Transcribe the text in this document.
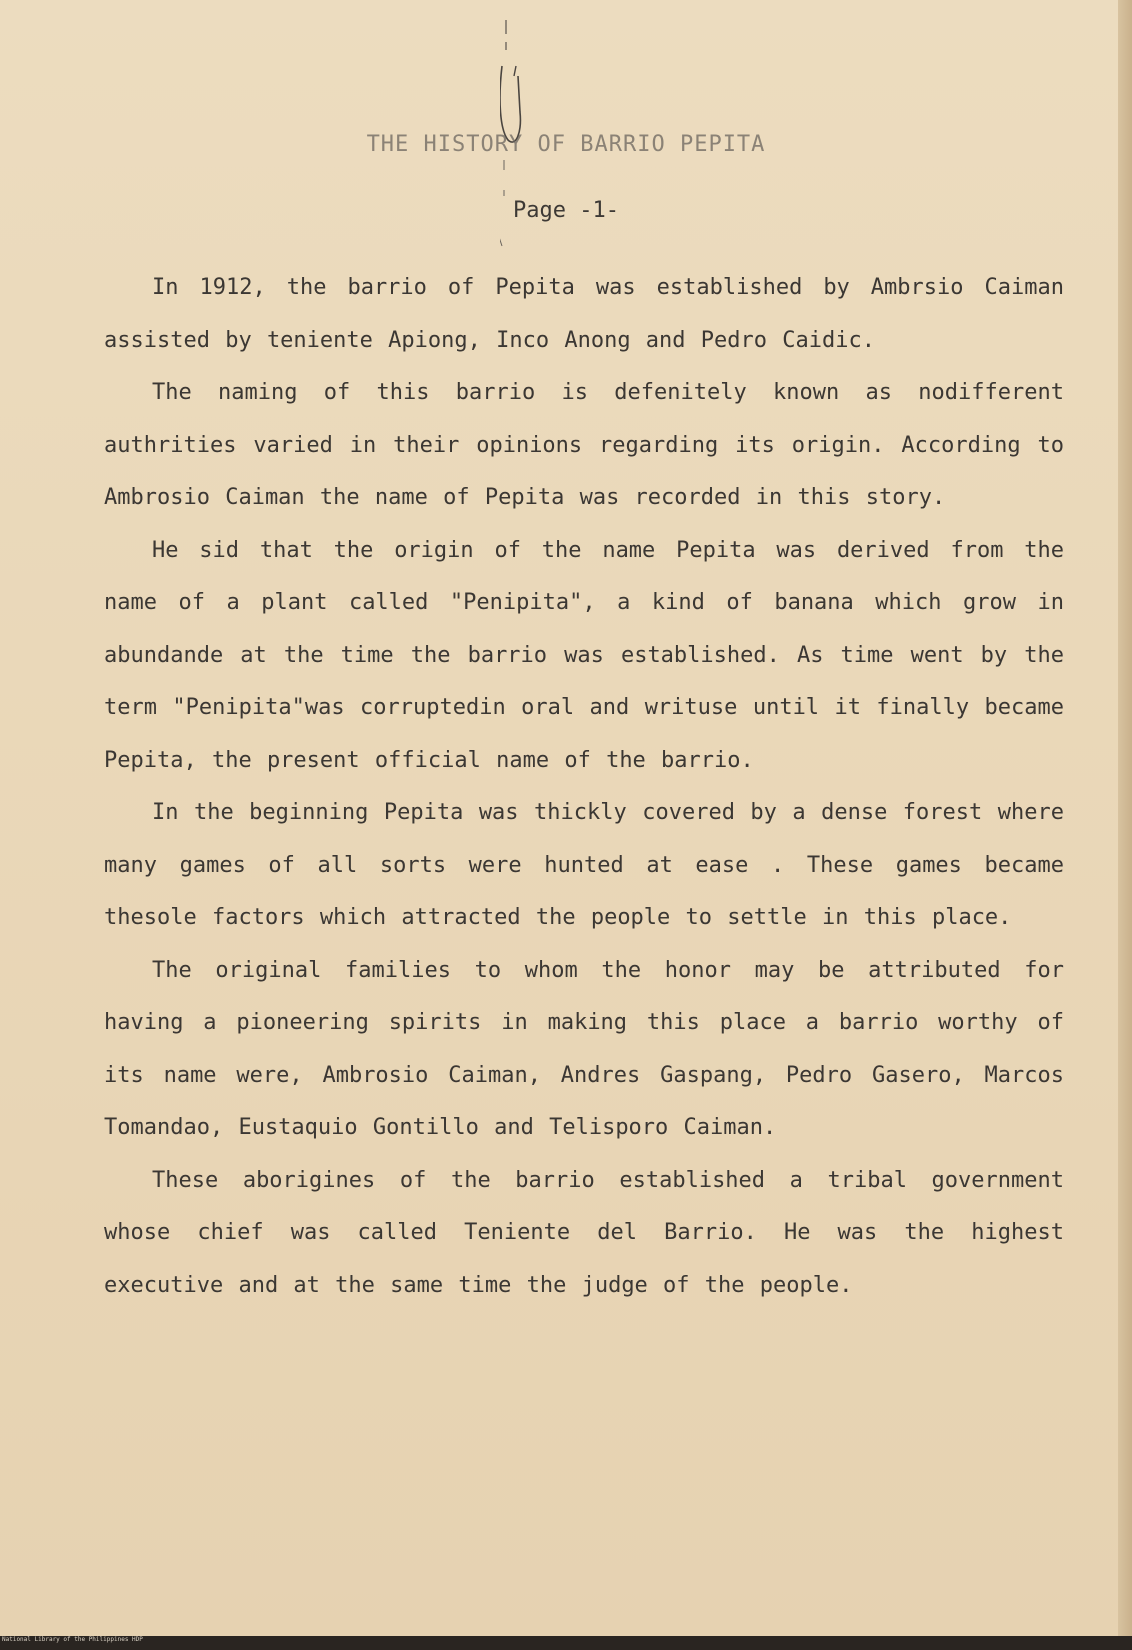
THE HISTORY OF BARRIO PEPITA
Page -1-

In 1912, the barrio of Pepita was established by Ambrsio Caiman assisted by teniente Apiong, Inco Anong and Pedro Caidic.

The naming of this barrio is defenitely known as nodifferent authrities varied in their opinions regarding its origin. According to Ambrosio Caiman the name of Pepita was recorded in this story.

He sid that the origin of the name Pepita was derived from the name of a plant called "Penipita", a kind of banana which grow in abundande at the time the barrio was established. As time went by the term "Penipita"was corruptedin oral and writuse until it finally became Pepita, the present official name of the barrio.

In the beginning Pepita was thickly covered by a dense forest where many games of all sorts were hunted at ease . These games became thesole factors which attracted the people to settle in this place.

The original families to whom the honor may be attributed for having a pioneering spirits in making this place a barrio worthy of its name were, Ambrosio Caiman, Andres Gaspang, Pedro Gasero, Marcos Tomandao, Eustaquio Gontillo and Telisporo Caiman.

These aborigines of the barrio established a tribal government whose chief was called Teniente del Barrio. He was the highest executive and at the same time the judge of the people.

National Library of the Philippines HDP
